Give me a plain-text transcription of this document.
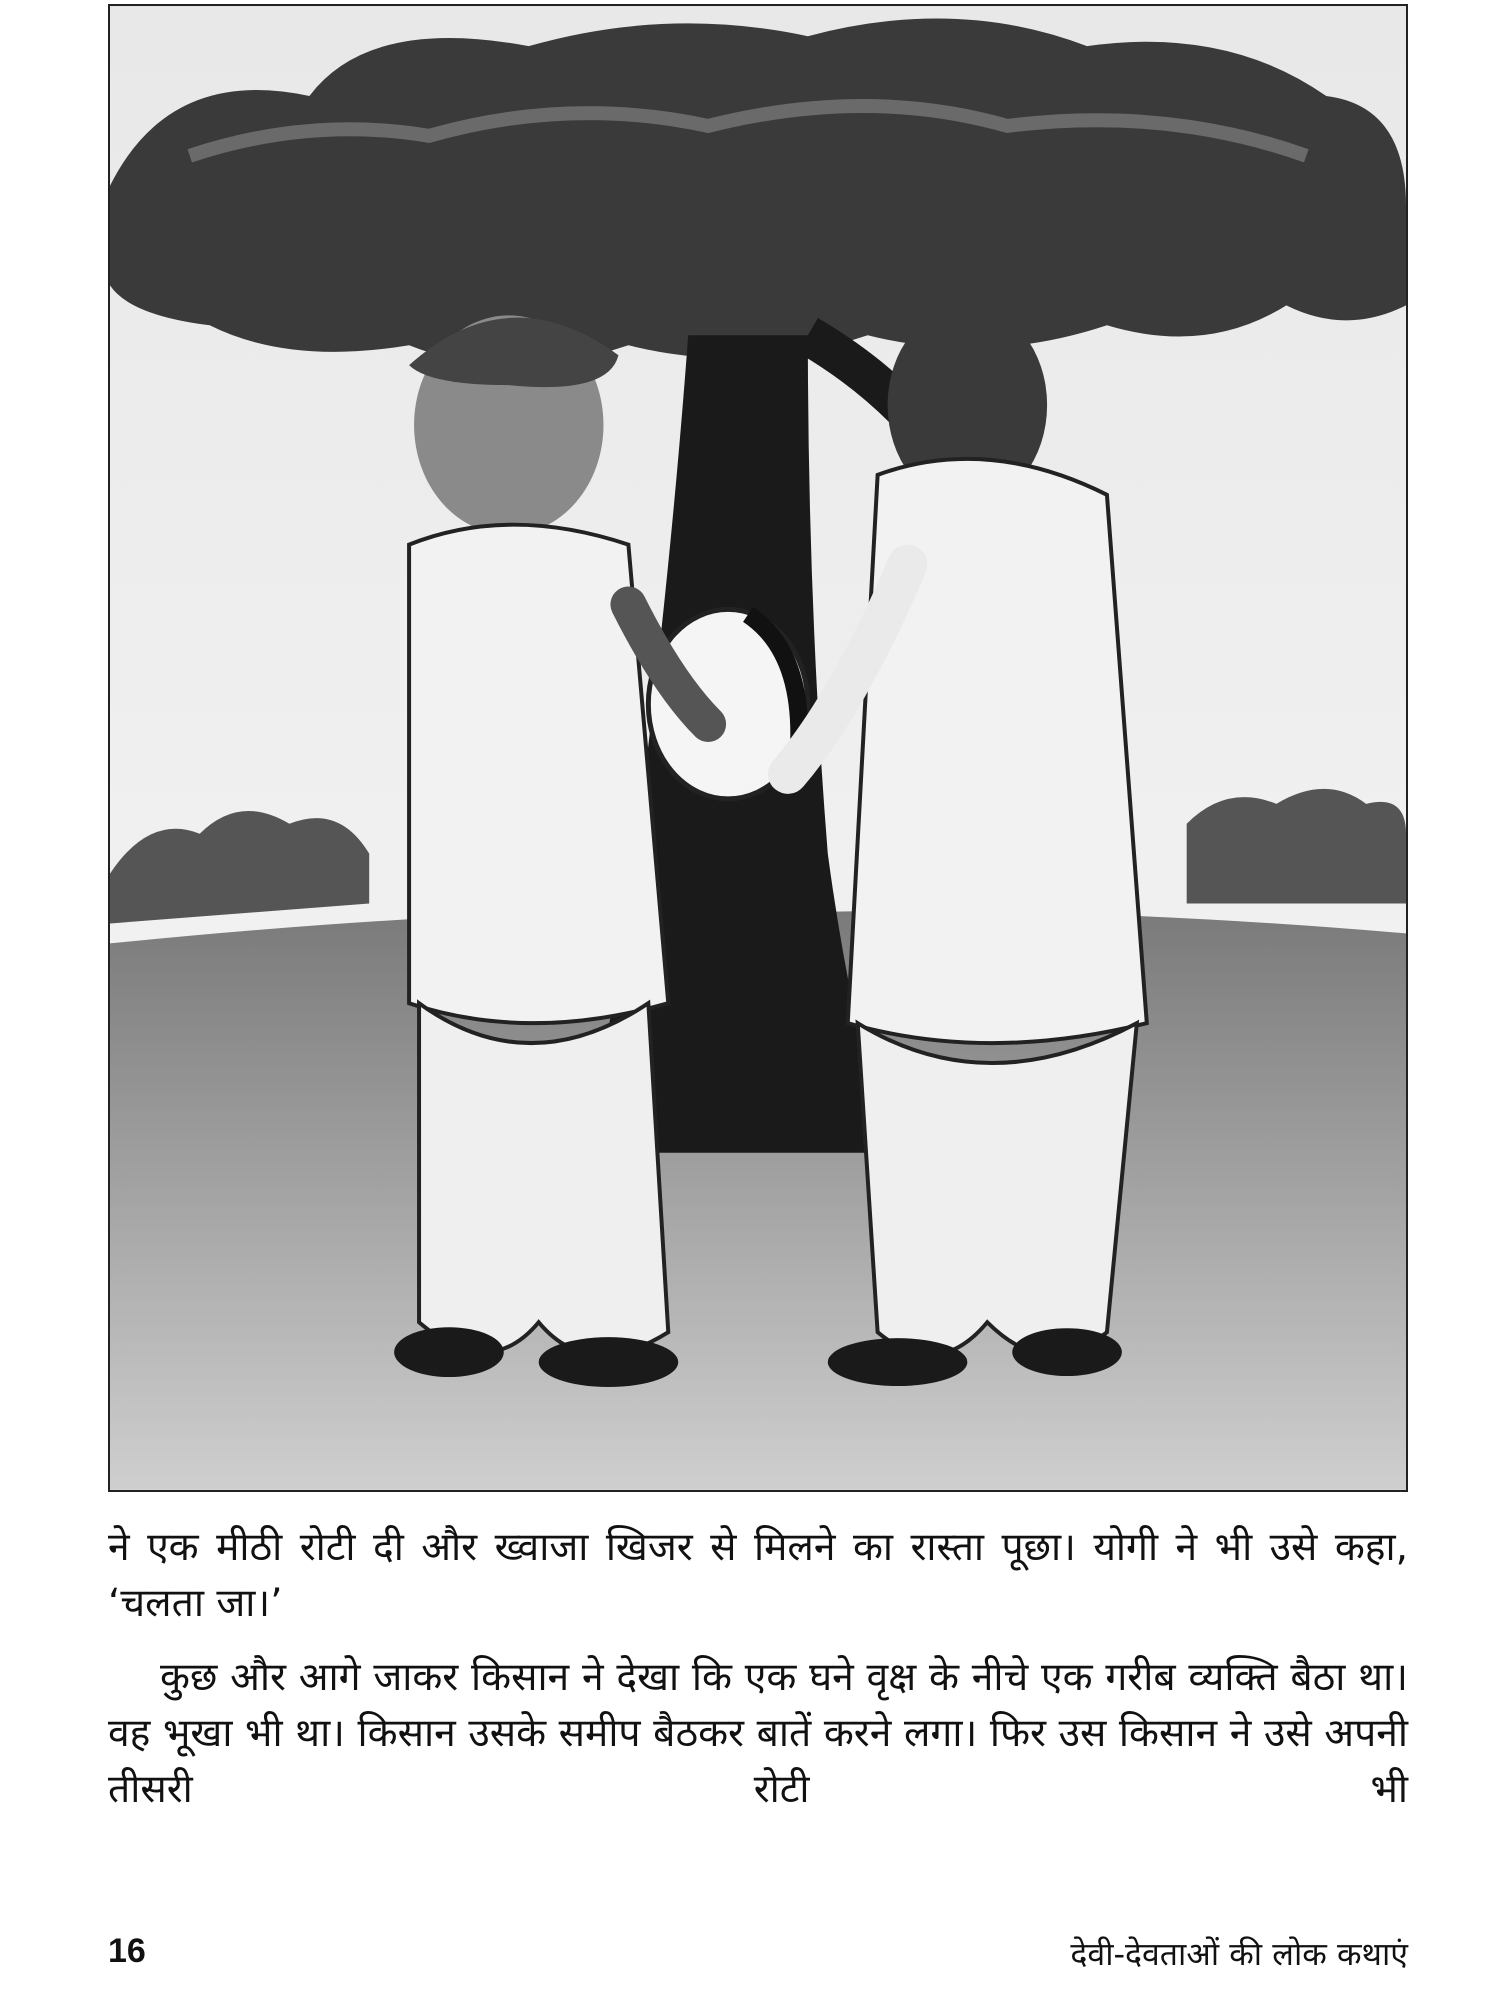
ने एक मीठी रोटी दी और ख्वाजा खिजर से मिलने का रास्ता पूछा। योगी ने भी उसे कहा, ‘चलता जा।’

कुछ और आगे जाकर किसान ने देखा कि एक घने वृक्ष के नीचे एक गरीब व्यक्ति बैठा था। वह भूखा भी था। किसान उसके समीप बैठकर बातें करने लगा। फिर उस किसान ने उसे अपनी तीसरी रोटी भी

16	देवी-देवताओं की लोक कथाएं
